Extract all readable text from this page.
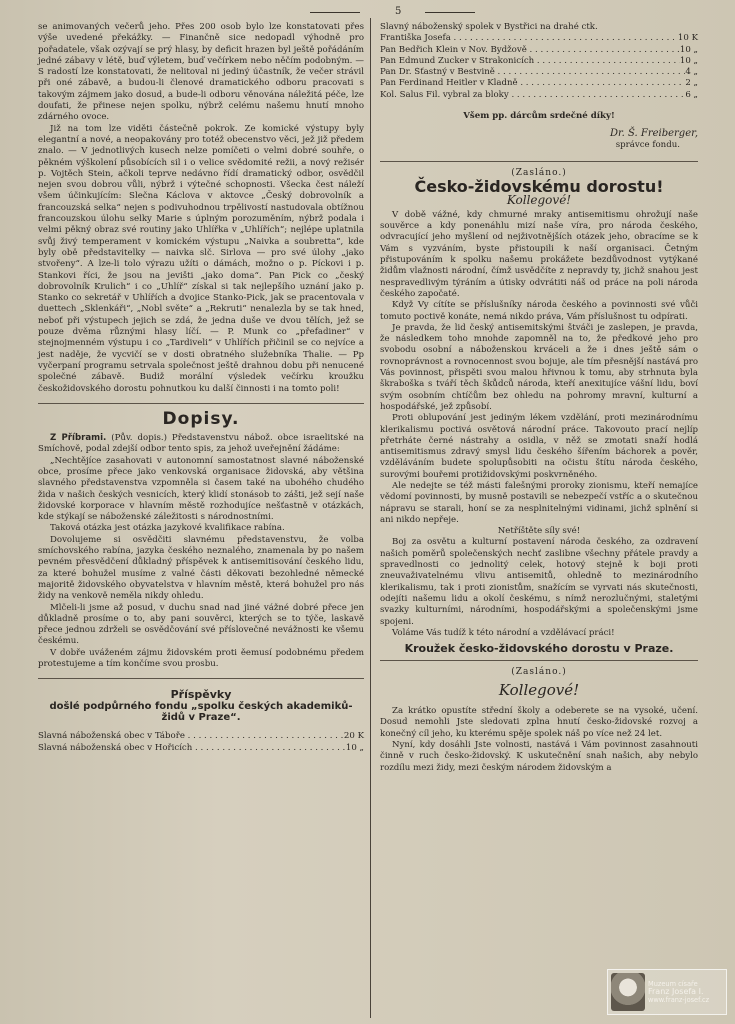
5

se animovaných večerů jeho. Přes 200 osob bylo lze konstatovati přes výše uvedené překážky. — Finančně sice nedopadl výhodně pro pořadatele, však ozývají se prý hlasy, by deficit hrazen byl ještě pořádáním jedné zábavy v létě, buď výletem, buď večírkem nebo něčím podobným. — S radostí lze konstatovati, že nelitoval ni jediný účastník, že večer strávil při oné zábavě, a budou-li členové dramatického odboru pracovati s takovým zájmem jako dosud, a bude-li odboru věnována náležitá péče, lze doufati, že přinese nejen spolku, nýbrž celému našemu hnutí mnoho zdárného ovoce.

Již na tom lze viděti částečně pokrok. Ze komické výstupy byly elegantní a nové, a neopakovány pro totéž obecenstvo věci, jež již předem znalo. — V jednotlivých kusech nelze pomíčeti o velmi dobré souhře, o pěkném výškolení působících sil i o velice svědomité režii, a nový režisér p. Vojtěch Stein, ačkoli teprve nedávno řídí dramatický odbor, osvědčil nejen svou dobrou vůli, nýbrž i výtečné schopnosti. Všecka čest náleží všem účinkujícím: Slečna Káclova v aktovce „Český dobrovolník a francouzská selka“ nejen s podivuhodnou trpělivostí nastudovala obtížnou francouzskou úlohu selky Marie s úplným porozuměním, nýbrž podala i velmi pěkný obraz své routiny jako Uhlířka v „Uhlířích“; nejlépe uplatnila svůj živý temperament v komickém výstupu „Naivka a soubretta“, kde byly obě představitelky — naivka slč. Sirlova — pro své úlohy „jako stvořeny“. A lze-li tolo výrazu užíti o dámách, možno o p. Píckovi i p. Stankovi říci, že jsou na jevišti „jako doma“. Pan Pick co „český dobrovolník Krulich“ i co „Uhlíř“ získal si tak nejlepšího uznání jako p. Stanko co sekretář v Uhlířích a dvojice Stanko-Pick, jak se pracentovala v duettech „Sklenkáři“, „Nobl světe“ a „Rekruti“ nenalezla by se tak hned, neboť při výstupech jejich se zdá, že jedna duše ve dvou tělích, jež se pouze dvěma různými hlasy líčí. — P. Munk co „přefadiner“ v stejnojmenném výstupu i co „Tardiveli“ v Uhlířích přičinil se co nejvíce a jest naděje, že vycvičí se v dosti obratného služebníka Thalie. — Pp vyčerpaní programu setrvala společnost ještě drahnou dobu při nenucené společné zábavě. Budiž morální výsledek večírku kroužku českožidovského dorostu pohnutkou ku další činnosti i na tomto poli!

Dopisy.

Z Příbrami. (Pův. dopis.) Představenstvu nábož. obce israelitské na Smíchově, podal zdejší odbor tento spis, za jehož uveřejnění žádáme:

„Nechtějíce zasahovati v autonomní samostatnost slavné náboženské obce, prosíme přece jako venkovská organisace židovská, aby většina slavného představenstva vzpomněla si časem také na ubohého chudého žida v našich českých vesnicích, který klidí stonásob to zášti, jež sejí naše židovské korporace v hlavním městě rozhodujíce nešťastně v otázkách, kde stýkají se náboženské záležitosti s národnostními.

Taková otázka jest otázka jazykové kvalifikace rabína.

Dovolujeme si osvědčiti slavnému představenstvu, že volba smíchovského rabína, jazyka českého neznalého, znamenala by po našem pevném přesvědčení důkladný příspěvek k antisemitisování českého lidu, za které bohužel musíme z valné části děkovati bezohledné německé majoritě židovského obyvatelstva v hlavním městě, která bohužel pro nás židy na venkově neměla nikdy ohledu.

Mlčeli-li jsme až posud, v duchu snad nad jiné vážné dobré přece jen důkladně prosíme o to, aby pani souvěrci, kterých se to týče, laskavě přece jednou zdrželi se osvědčování své příslovečné nevážnosti ke všemu českému.

V dobře uváženém zájmu židovském proti ěemusí podobnému předem protestujeme a tím končíme svou prosbu.

Příspěvky
došlé podpůrného fondu „spolku českých akademiků-židů v Praze“.
Slavná náboženská obec v Táboře . . .	20 K
Slavná náboženská obec v Hořicích . . .	10 „
Slavný náboženský spolek v Bystřici na drahé ctk.
Františka Josefa . . .	10 K
Pan Bedřich Klein v Nov. Bydžově . . .	10 „
Pan Edmund Zucker v Strakonicích . . .	10 „
Pan Dr. Šťastný v Bestvině . . .	4 „
Pan Ferdinand Heitler v Kladně . . .	2 „
Kol. Salus Fil. vybral za bloky . . .	6 „
Všem pp. dárcům srdečné díky!
Dr. Š. Freiberger,
správce fondu.
(Zasláno.)
Česko-židovskému dorostu!
Kollegové!

V době vážné, kdy chmurné mraky antisemitismu ohrožují naše souvěrce a kdy ponenáhlu mizí naše víra, pro národa českého, odvracující jeho myšlení od nejživotnějších otázek jeho, obracíme se k Vám s vyzváním, byste přistoupili k naší organisaci. Četným přistupováním k spolku našemu prokážete bezdůvodnost vytýkané židům vlažnosti národní, čímž usvědčíte z nepravdy ty, jichž snahou jest nespravedlivým týráním a útisky odvrátiti náš od práce na poli národa českého započaté.

Když Vy cítíte se příslušníky národa českého a povinnosti své vůči tomuto poctivě konáte, nemá nikdo práva, Vám příslušnost tu odpírati.

Je pravda, že lid český antisemitskými štváči je zaslepen, je pravda, že následkem toho mnohde zapomněl na to, že předkové jeho pro svobodu osobní a náboženskou krváceli a že i dnes ještě sám o rovnoprávnost a rovnocennost svou bojuje, ale tím přesnější nastává pro Vás povinnost, přispěti svou malou hřivnou k tomu, aby strhnuta byla škraboška s tváří těch škůdců národa, kteří anexitujíce vášní lidu, boví svým osobním chtíčům bez ohledu na pohromy mravní, kulturní a hospodářské, jež způsobí.

Proti oblupování jest jediným lékem vzdělání, proti mezinárodnímu klerikalismu poctivá osvětová národní práce. Takovouto prací nejlíp přetrháte černé nástrahy a osidla, v něž se zmotati snaží hodlá antisemitismus zdravý smysl lidu českého šířením báchorek a pověr, vzděláváním budete spolupůsobiti na očistu štítu národa českého, surovými bouřemi protižidovskými poskvrněného.

Ale nedejte se též másti falešnými proroky zionismu, kteří nemajíce vědomí povinnosti, by musně postavili se nebezpečí vstříc a o skutečnou nápravu se starali, honí se za nesplnitelnými vidinami, jichž splnění si ani nikdo nepřeje.

Netříštěte síly své!

Boj za osvětu a kulturní postavení národa českého, za ozdravení našich poměrů společenských nechť zaslibne všechny přátele pravdy a spravedlnosti co jednolitý celek, hotový stejně k boji proti zneuvaživatelnému vlivu antisemitů, ohledně to mezinárodního klerikalismu, tak i proti zionistům, snažícím se vyrvati nás skutečnosti, odejíti našemu lidu a okolí českému, s nímž nerozlučnými, staletými svazky kulturními, národními, hospodářskými a společenskými jsme spojeni.

Voláme Vás tudíž k této národní a vzdělávací práci!

Kroužek česko-židovského dorostu v Praze.
(Zasláno.)
Kollegové!

Za krátko opustíte střední školy a odeberete se na vysoké, učení. Dosud nemohli Jste sledovati zplna hnutí česko-židovské rozvoj a konečný cíl jeho, ku kterému spěje spolek náš po více než 24 let.

Nyní, kdy dosáhli Jste volnosti, nastává i Vám povinnost zasahnouti činně v ruch česko-židovský. K uskutečnění snah našich, aby nebylo rozdílu mezi židy, mezi českým národem židovským a

Muzeum císaře
Franz Josefa I.
www.franz-josef.cz
